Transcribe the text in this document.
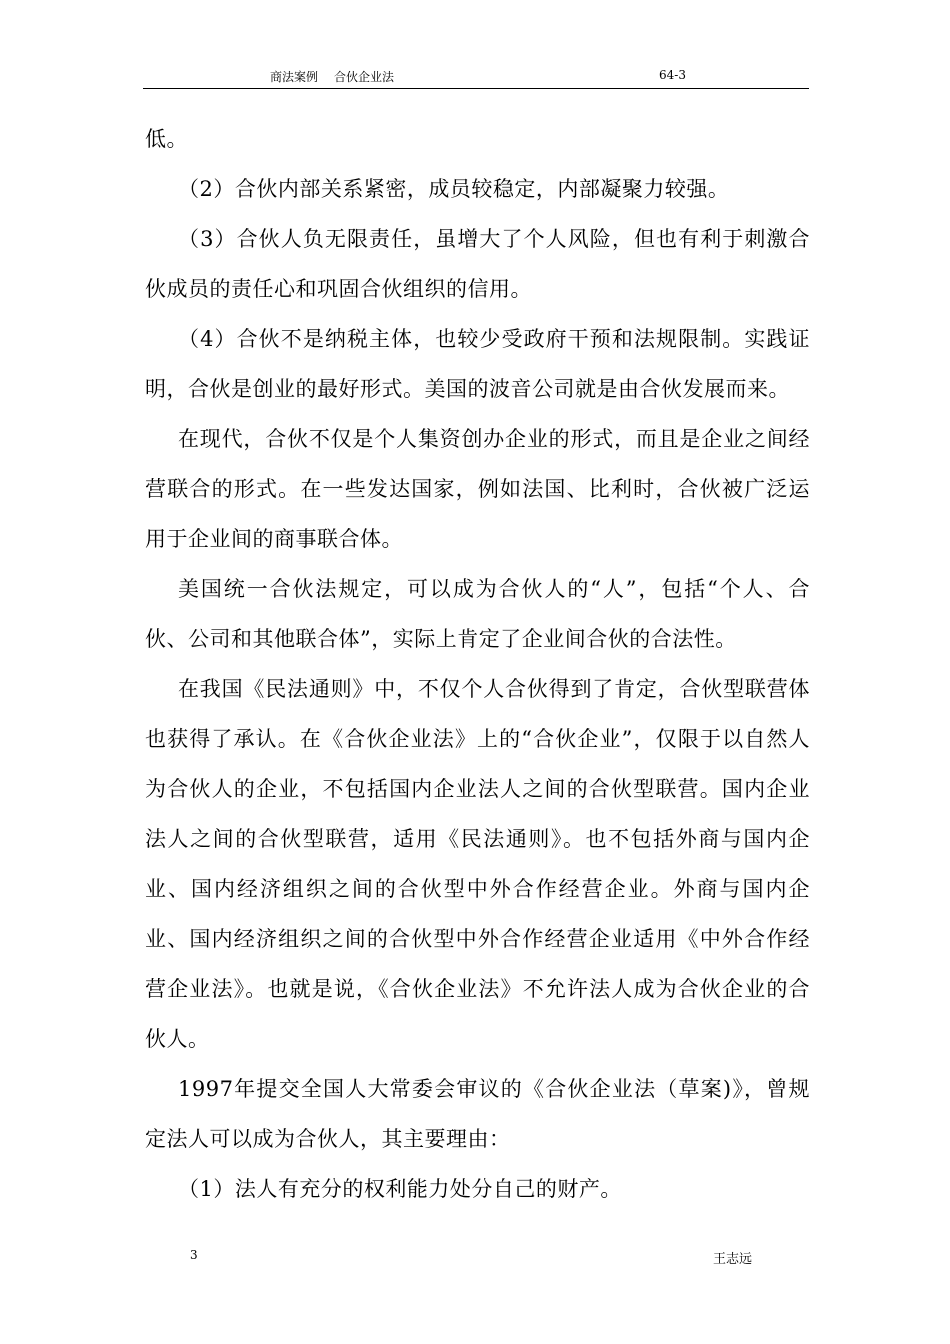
商法案例 合伙企业法	64-3

低。

（2）合伙内部关系紧密，成员较稳定，内部凝聚力较强。

（3）合伙人负无限责任，虽增大了个人风险，但也有利于刺激合伙成员的责任心和巩固合伙组织的信用。

（4）合伙不是纳税主体，也较少受政府干预和法规限制。实践证明，合伙是创业的最好形式。美国的波音公司就是由合伙发展而来。

在现代，合伙不仅是个人集资创办企业的形式，而且是企业之间经营联合的形式。在一些发达国家，例如法国、比利时，合伙被广泛运用于企业间的商事联合体。

美国统一合伙法规定，可以成为合伙人的“人”，包括“个人、合伙、公司和其他联合体”，实际上肯定了企业间合伙的合法性。

在我国《民法通则》中，不仅个人合伙得到了肯定，合伙型联营体也获得了承认。在《合伙企业法》上的“合伙企业”，仅限于以自然人为合伙人的企业，不包括国内企业法人之间的合伙型联营。国内企业法人之间的合伙型联营，适用《民法通则》。也不包括外商与国内企业、国内经济组织之间的合伙型中外合作经营企业。外商与国内企业、国内经济组织之间的合伙型中外合作经营企业适用《中外合作经营企业法》。也就是说，《合伙企业法》不允许法人成为合伙企业的合伙人。

1997年提交全国人大常委会审议的《合伙企业法（草案)》，曾规定法人可以成为合伙人，其主要理由：

（1）法人有充分的权利能力处分自己的财产。

3	王志远
